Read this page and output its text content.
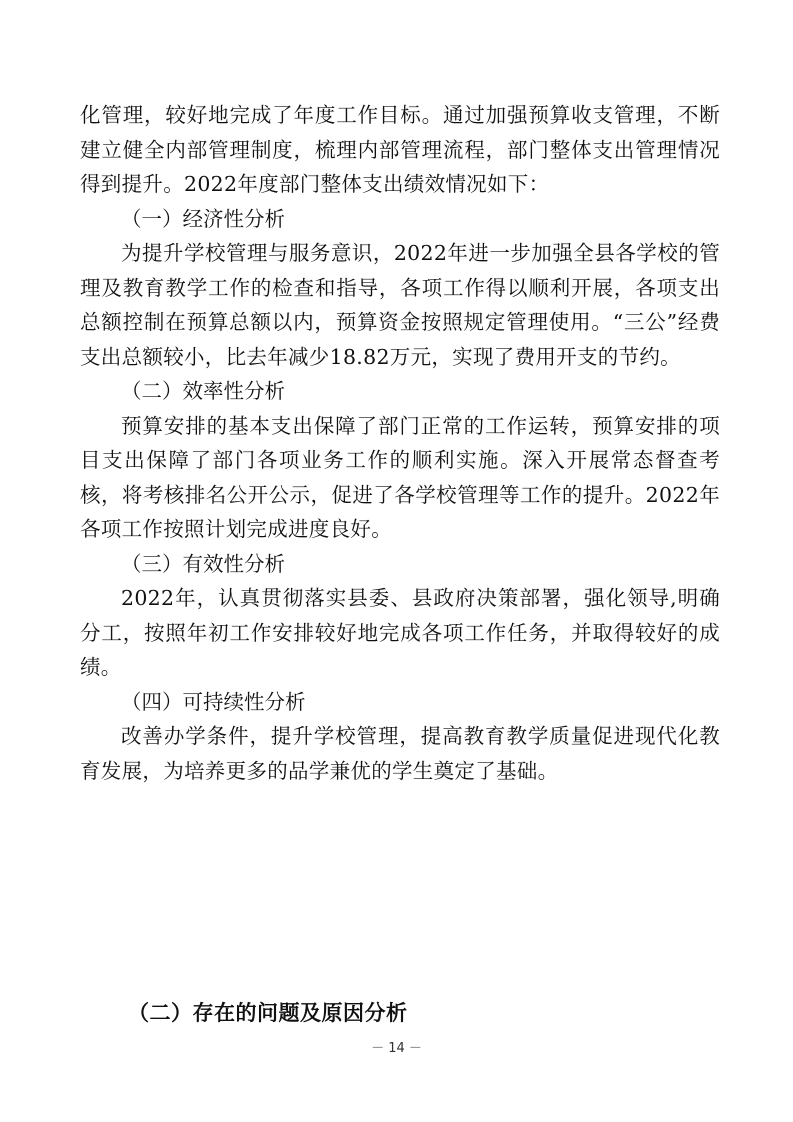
化管理，较好地完成了年度工作目标。通过加强预算收支管理，不断建立健全内部管理制度，梳理内部管理流程，部门整体支出管理情况得到提升。2022年度部门整体支出绩效情况如下：

（一）经济性分析

为提升学校管理与服务意识，2022年进一步加强全县各学校的管理及教育教学工作的检查和指导，各项工作得以顺利开展，各项支出总额控制在预算总额以内，预算资金按照规定管理使用。“三公”经费支出总额较小，比去年减少18.82万元，实现了费用开支的节约。

（二）效率性分析

预算安排的基本支出保障了部门正常的工作运转，预算安排的项目支出保障了部门各项业务工作的顺利实施。深入开展常态督查考核，将考核排名公开公示，促进了各学校管理等工作的提升。2022年各项工作按照计划完成进度良好。

（三）有效性分析

2022年，认真贯彻落实县委、县政府决策部署，强化领导,明确分工，按照年初工作安排较好地完成各项工作任务，并取得较好的成绩。

（四）可持续性分析

改善办学条件，提升学校管理，提高教育教学质量促进现代化教育发展，为培养更多的品学兼优的学生奠定了基础。

（二）存在的问题及原因分析
－ 14 －
